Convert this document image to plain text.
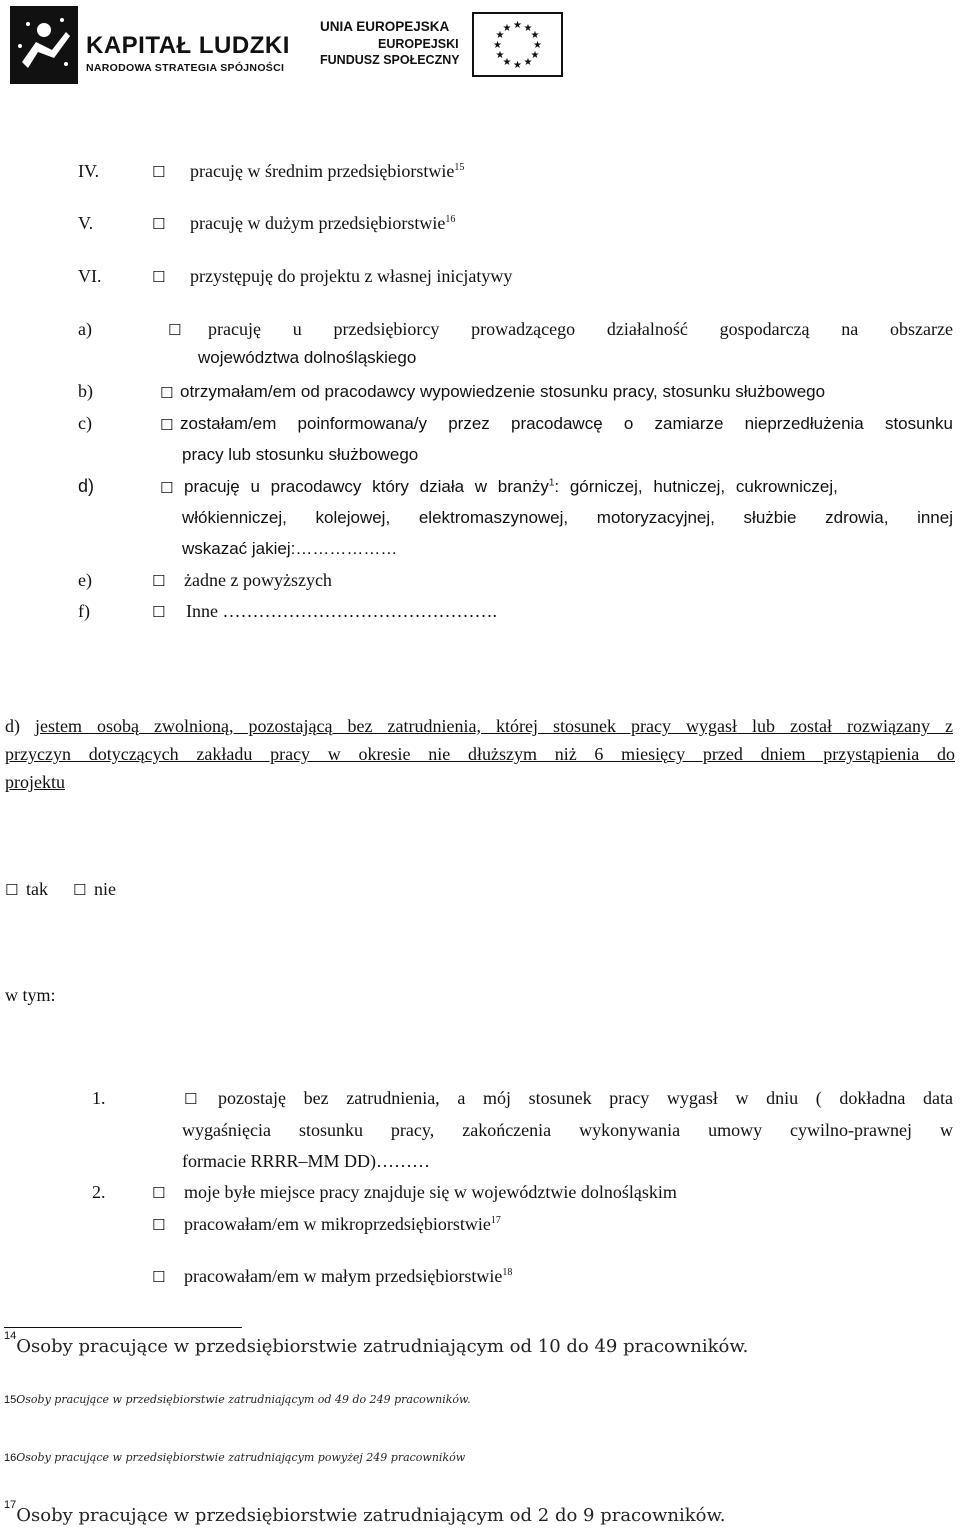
KAPITAŁ LUDZKI
NARODOWA STRATEGIA SPÓJNOŚCI
UNIA EUROPEJSKA
EUROPEJSKI
FUNDUSZ SPOŁECZNY
★ ★
★
★
★
★
★
★
★
★
★
★
IV.	☐ pracuję w średnim przedsiębiorstwie$^{15}$
V.	☐ pracuję w dużym przedsiębiorstwie$^{16}$
VI.	☐ przystępuję do projektu z własnej inicjatywy
a)	☐ pracuję u przedsiębiorcy prowadzącego działalność gospodarczą na obszarze
województwa dolnośląskiego
b)	☐ otrzymałam/em od pracodawcy wypowiedzenie stosunku pracy, stosunku służbowego
c)	☐ zostałam/em poinformowana/y przez pracodawcę o zamiarze nieprzedłużenia stosunku
pracy lub stosunku służbowego
d)	☐ pracuję u pracodawcy który działa w branży$^1$: górniczej, hutniczej, cukrowniczej,
włókienniczej, kolejowej, elektromaszynowej, motoryzacyjnej, służbie zdrowia, innej
wskazać jakiej:………………
e)	☐ żadne z powyższych
f)	☐ Inne ……………………………………….
d) jestem osobą zwolnioną, pozostającą bez zatrudnienia, której stosunek pracy wygasł lub został rozwiązany z
przyczyn dotyczących zakładu pracy w okresie nie dłuższym niż 6 miesięcy przed dniem przystąpienia do
projektu
☐ tak ☐ nie
w tym:
1.	☐ pozostaję bez zatrudnienia, a mój stosunek pracy wygasł w dniu ( dokładna data
wygaśnięcia stosunku pracy, zakończenia wykonywania umowy cywilno-prawnej w
formacie RRRR–MM DD)………
2.	☐ moje byłe miejsce pracy znajduje się w województwie dolnośląskim
☐ pracowałam/em w mikroprzedsiębiorstwie$^{17}$
☐ pracowałam/em w małym przedsiębiorstwie$^{18}$
$^{14}$Osoby pracujące w przedsiębiorstwie zatrudniającym od 10 do 49 pracowników.
15Osoby pracujące w przedsiębiorstwie zatrudniającym od 49 do 249 pracowników.
16Osoby pracujące w przedsiębiorstwie zatrudniającym powyżej 249 pracowników
$^{17}$Osoby pracujące w przedsiębiorstwie zatrudniającym od 2 do 9 pracowników.
